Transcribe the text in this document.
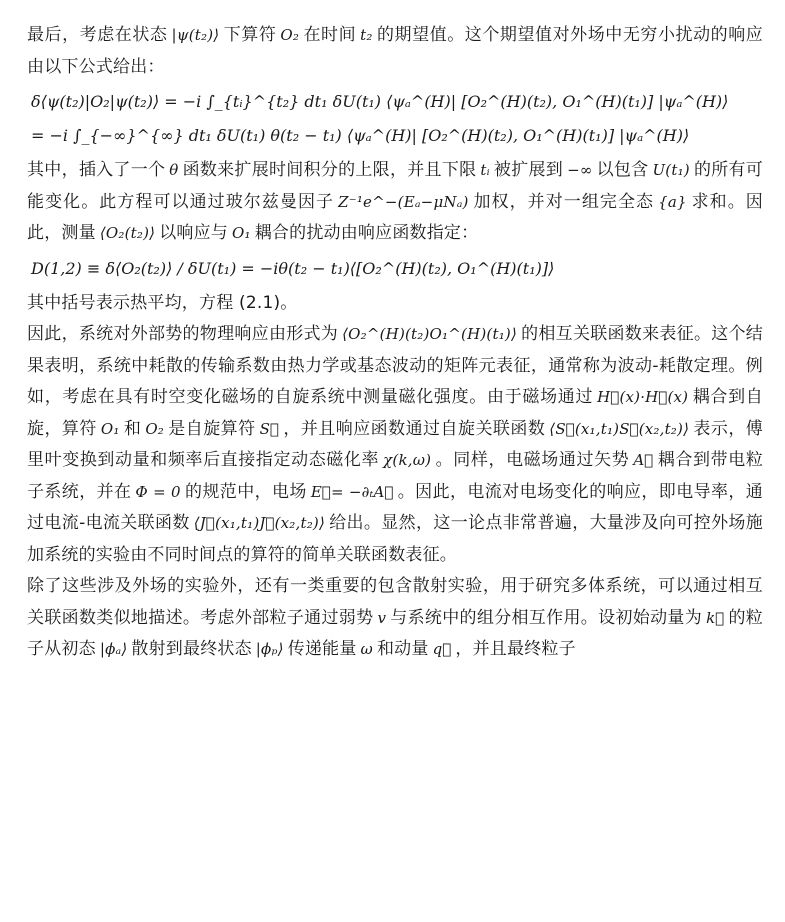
最后，考虑在状态 |ψ(t₂)⟩ 下算符 O₂ 在时间 t₂ 的期望值。这个期望值对外场中无穷小扰动的响应由以下公式给出：

δ⟨ψ(t₂)|O₂|ψ(t₂)⟩ = −i ∫_{tᵢ}^{t₂} dt₁ δU(t₁) ⟨ψₐ^(H)| [O₂^(H)(t₂), O₁^(H)(t₁)] |ψₐ^(H)⟩
= −i ∫_{−∞}^{∞} dt₁ δU(t₁) θ(t₂ − t₁) ⟨ψₐ^(H)| [O₂^(H)(t₂), O₁^(H)(t₁)] |ψₐ^(H)⟩

其中，插入了一个 θ 函数来扩展时间积分的上限，并且下限 tᵢ 被扩展到 −∞ 以包含 U(t₁) 的所有可能变化。此方程可以通过玻尔兹曼因子 Z⁻¹e^−(Eₐ−μNₐ) 加权，并对一组完全态 {a} 求和。因此，测量 ⟨O₂(t₂)⟩ 以响应与 O₁ 耦合的扰动由响应函数指定：

D(1,2) ≡ δ⟨O₂(t₂)⟩ / δU(t₁) = −iθ(t₂ − t₁)⟨[O₂^(H)(t₂), O₁^(H)(t₁)]⟩

其中括号表示热平均，方程 (2.1)。

因此，系统对外部势的物理响应由形式为 ⟨O₂^(H)(t₂)O₁^(H)(t₁)⟩ 的相互关联函数来表征。这个结果表明，系统中耗散的传输系数由热力学或基态波动的矩阵元表征，通常称为波动-耗散定理。例如，考虑在具有时空变化磁场的自旋系统中测量磁化强度。由于磁场通过 H⃗(x)·H⃗(x) 耦合到自旋，算符 O₁ 和 O₂ 是自旋算符 S⃗ ，并且响应函数通过自旋关联函数 ⟨S⃗(x₁,t₁)S⃗(x₂,t₂)⟩ 表示，傅里叶变换到动量和频率后直接指定动态磁化率 χ(k,ω) 。同样，电磁场通过矢势 A⃗ 耦合到带电粒子系统，并在 Φ = 0 的规范中，电场 E⃗= −∂ₜA⃗ 。因此，电流对电场变化的响应，即电导率，通过电流-电流关联函数 ⟨J⃗(x₁,t₁)J⃗(x₂,t₂)⟩ 给出。显然，这一论点非常普遍，大量涉及向可控外场施加系统的实验由不同时间点的算符的简单关联函数表征。

除了这些涉及外场的实验外，还有一类重要的包含散射实验，用于研究多体系统，可以通过相互关联函数类似地描述。考虑外部粒子通过弱势 v 与系统中的组分相互作用。设初始动量为 k⃗ 的粒子从初态 |ϕₐ⟩ 散射到最终状态 |ϕₚ⟩ 传递能量 ω 和动量 q⃗ ，并且最终粒子
